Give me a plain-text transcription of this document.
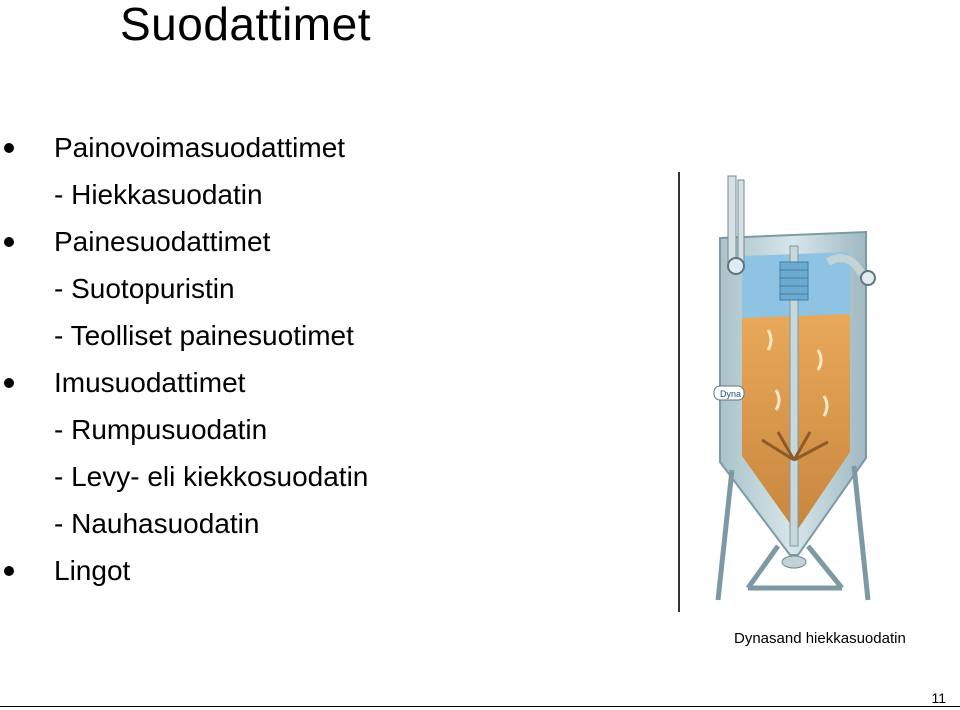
Suodattimet
Painovoimasuodattimet
- Hiekkasuodatin
Painesuodattimet
- Suotopuristin
- Teolliset painesuotimet
Imusuodattimet
- Rumpusuodatin
- Levy- eli kiekkosuodatin
- Nauhasuodatin
Lingot
Dyna
Dynasand hiekkasuodatin
11
